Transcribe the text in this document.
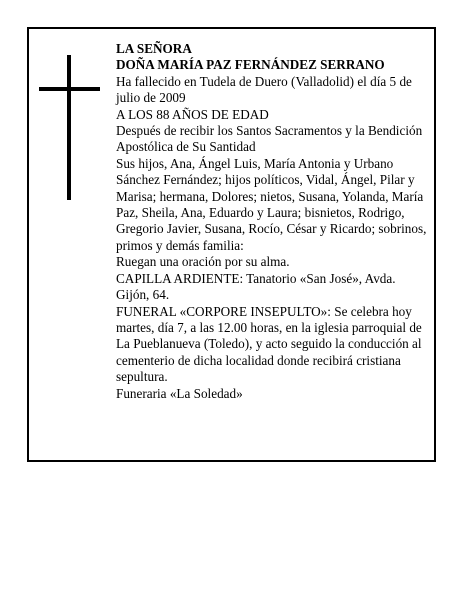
LA SEÑORA

DOÑA MARÍA PAZ FERNÁNDEZ SERRANO

Ha fallecido en Tudela de Duero (Valladolid) el día 5 de julio de 2009

A LOS 88 AÑOS DE EDAD

Después de recibir los Santos Sacramentos y la Bendición Apostólica de Su Santidad

Sus hijos, Ana, Ángel Luis, María Antonia y Urbano Sánchez Fernández; hijos políticos, Vidal, Ángel, Pilar y Marisa; hermana, Dolores; nietos, Susana, Yolanda, María Paz, Sheila, Ana, Eduardo y Laura; bisnietos, Rodrigo, Gregorio Javier, Susana, Rocío, César y Ricardo; sobrinos, primos y demás familia:

Ruegan una oración por su alma.

CAPILLA ARDIENTE: Tanatorio «San José», Avda. Gijón, 64.

FUNERAL «CORPORE INSEPULTO»: Se celebra hoy martes, día 7, a las 12.00 horas, en la iglesia parroquial de La Pueblanueva (Toledo), y acto seguido la conducción al cementerio de dicha localidad donde recibirá cristiana sepultura.

Funeraria «La Soledad»
